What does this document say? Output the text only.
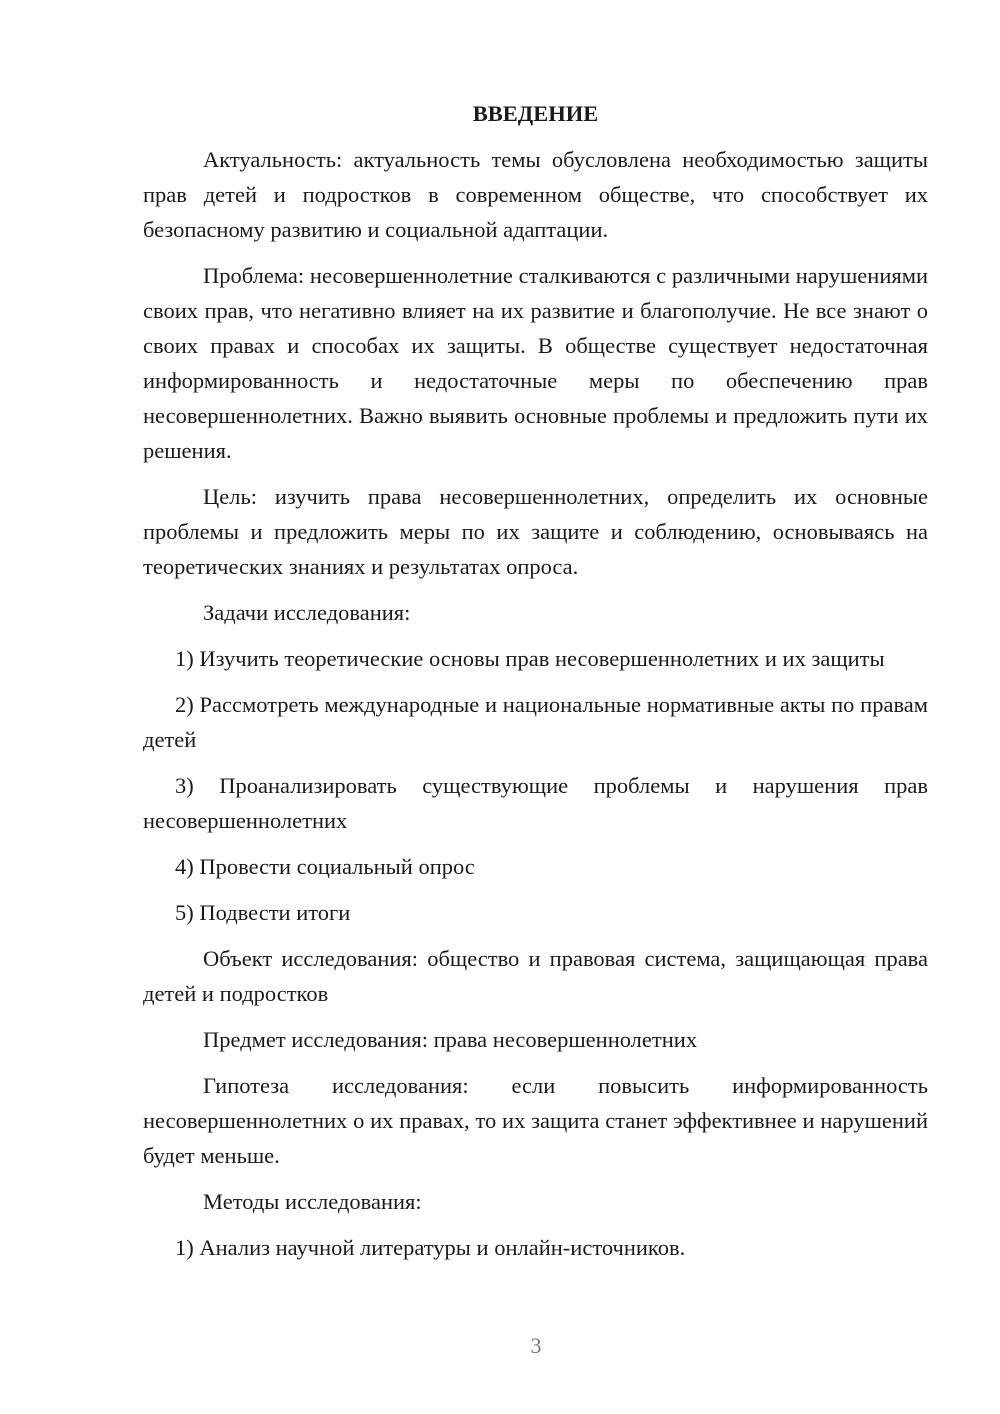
ВВЕДЕНИЕ

Актуальность: актуальность темы обусловлена необходимостью защиты прав детей и подростков в современном обществе, что способствует их безопасному развитию и социальной адаптации.

Проблема: несовершеннолетние сталкиваются с различными нарушениями своих прав, что негативно влияет на их развитие и благополучие. Не все знают о своих правах и способах их защиты. В обществе существует недостаточная информированность и недостаточные меры по обеспечению прав несовершеннолетних. Важно выявить основные проблемы и предложить пути их решения.

Цель: изучить права несовершеннолетних, определить их основные проблемы и предложить меры по их защите и соблюдению, основываясь на теоретических знаниях и результатах опроса.

Задачи исследования:

1) Изучить теоретические основы прав несовершеннолетних и их защиты

2) Рассмотреть международные и национальные нормативные акты по правам детей

3) Проанализировать существующие проблемы и нарушения прав несовершеннолетних

4) Провести социальный опрос

5) Подвести итоги

Объект исследования: общество и правовая система, защищающая права детей и подростков

Предмет исследования: права несовершеннолетних

Гипотеза исследования: если повысить информированность несовершеннолетних о их правах, то их защита станет эффективнее и нарушений будет меньше.

Методы исследования:

1) Анализ научной литературы и онлайн-источников.

3
